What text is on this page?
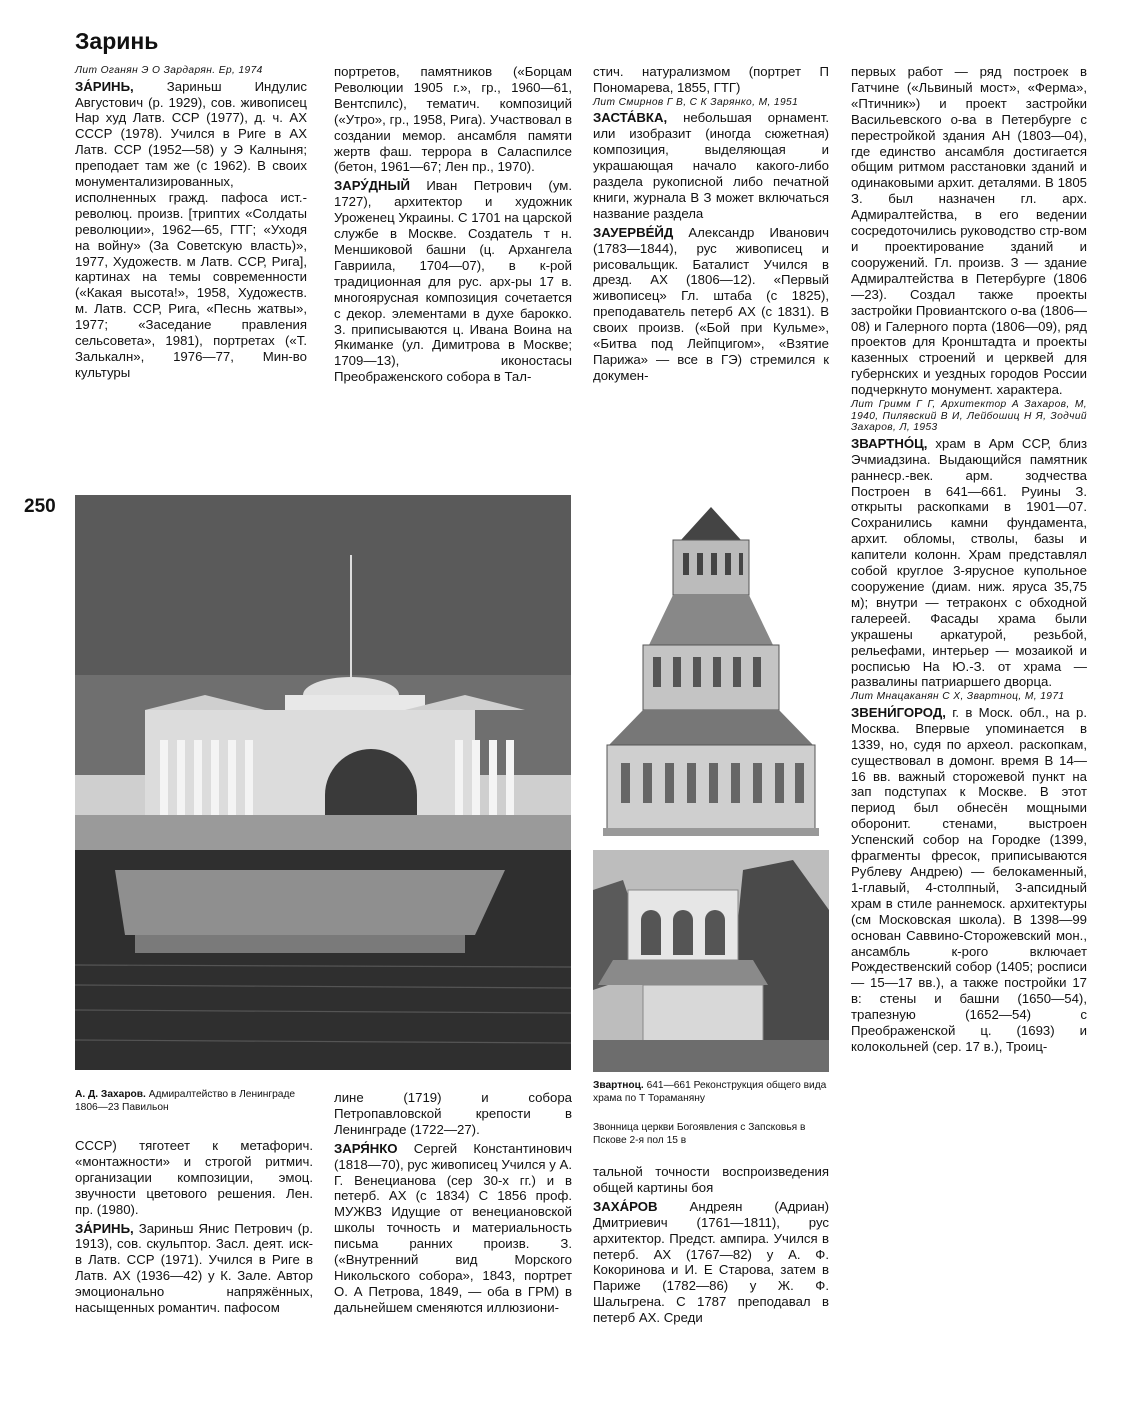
Заринь
250
Лит Оганян Э О Зардарян. Ер, 1974

ЗА́РИНЬ, Зариньш Индулис Августович (р. 1929), сов. живописец Нар худ Латв. ССР (1977), д. ч. АХ СССР (1978). Учился в Риге в АХ Латв. ССР (1952—58) у Э Калныня; преподает там же (с 1962). В своих монументализированных, исполненных гражд. пафоса ист.-революц. произв. [триптих «Солдаты революции», 1962—65, ГТГ; «Уходя на войну» (За Советскую власть)», 1977, Художеств. м Латв. ССР, Рига], картинах на темы современности («Какая высота!», 1958, Художеств. м. Латв. ССР, Рига, «Песнь жатвы», 1977; «Заседание правления сельсовета», 1981), портретах («Т. Залькалн», 1976—77, Мин-во культуры

портретов, памятников («Борцам Революции 1905 г.», гр., 1960—61, Вентспилс), тематич. композиций («Утро», гр., 1958, Рига). Участвовал в создании мемор. ансамбля памяти жертв фаш. террора в Саласпилсе (бетон, 1961—67; Лен пр., 1970).

ЗАРУ́ДНЫЙ Иван Петрович (ум. 1727), архитектор и художник Уроженец Украины. С 1701 на царской службе в Москве. Создатель т н. Меншиковой башни (ц. Архангела Гавриила, 1704—07), в к-рой традиционная для рус. арх-ры 17 в. многоярусная композиция сочетается с декор. элементами в духе барокко. З. приписываются ц. Ивана Воина на Якиманке (ул. Димитрова в Москве; 1709—13), иконостасы Преображенского собора в Тал-

стич. натурализмом (портрет П Пономарева, 1855, ГТГ)

Лит Смирнов Г В, С К Зарянко, М, 1951

ЗАСТА́ВКА, небольшая орнамент. или изобразит (иногда сюжетная) композиция, выделяющая и украшающая начало какого-либо раздела рукописной либо печатной книги, журнала В З может включаться название раздела

ЗАУЕРВЕ́ЙД Александр Иванович (1783—1844), рус живописец и рисовальщик. Баталист Учился в дрезд. АХ (1806—12). «Первый живописец» Гл. штаба (с 1825), преподаватель петерб АХ (с 1831). В своих произв. («Бой при Кульме», «Битва под Лейпцигом», «Взятие Парижа» — все в ГЭ) стремился к докумен-

первых работ — ряд построек в Гатчине («Львиный мост», «Ферма», «Птичник») и проект застройки Васильевского о-ва в Петербурге с перестройкой здания АН (1803—04), где единство ансамбля достигается общим ритмом расстановки зданий и одинаковыми архит. деталями. В 1805 З. был назначен гл. арх. Адмиралтейства, в его ведении сосредоточились руководство стр-вом и проектирование зданий и сооружений. Гл. произв. З — здание Адмиралтейства в Петербурге (1806—23). Создал также проекты застройки Провиантского о-ва (1806—08) и Галерного порта (1806—09), ряд проектов для Кронштадта и проекты казенных строений и церквей для губернских и уездных городов России подчеркнуто монумент. характера.

Лит Гримм Г Г, Архитектор А Захаров, М, 1940, Пилявский В И, Лейбошиц Н Я, Зодчий Захаров, Л, 1953

ЗВАРТНО́Ц, храм в Арм ССР, близ Эчмиадзина. Выдающийся памятник раннеср.-век. арм. зодчества Построен в 641—661. Руины З. открыты раскопками в 1901—07. Сохранились камни фундамента, архит. обломы, стволы, базы и капители колонн. Храм представлял собой круглое 3-ярусное купольное сооружение (диам. ниж. яруса 35,75 м); внутри — тетраконх с обходной галереей. Фасады храма были украшены аркатурой, резьбой, рельефами, интерьер — мозаикой и росписью На Ю.-З. от храма — развалины патриаршего дворца.

Лит Мнацаканян С Х, Звартноц, М, 1971

ЗВЕНИ́ГОРОД, г. в Моск. обл., на р. Москва. Впервые упоминается в 1339, но, судя по археол. раскопкам, существовал в домонг. время В 14—16 вв. важный сторожевой пункт на зап подступах к Москве. В этот период был обнесён мощными оборонит. стенами, выстроен Успенский собор на Городке (1399, фрагменты фресок, приписываются Рублеву Андрею) — белокаменный, 1-главый, 4-столпный, 3-апсидный храм в стиле раннемоск. архитектуры (см Московская школа). В 1398—99 основан Саввино-Сторожевский мон., ансамбль к-рого включает Рождественский собор (1405; росписи — 15—17 вв.), а также постройки 17 в: стены и башни (1650—54), трапезную (1652—54) с Преображенской ц. (1693) и колокольней (сер. 17 в.), Троиц-

А. Д. Захаров. Адмиралтейство в Ленинграде 1806—23 Павильон
Звартноц. 641—661 Реконструкция общего вида храма по Т Тораманяну
Звонница церкви Богоявления с Запсковья в Пскове 2-я пол 15 в

СССР) тяготеет к метафорич. «монтажности» и строгой ритмич. организации композиции, эмоц. звучности цветового решения. Лен. пр. (1980).

ЗА́РИНЬ, Зариньш Янис Петрович (р. 1913), сов. скульптор. Засл. деят. иск-в Латв. ССР (1971). Учился в Риге в Латв. АХ (1936—42) у К. Зале. Автор эмоционально напряжённых, насыщенных романтич. пафосом

лине (1719) и собора Петропавловской крепости в Ленинграде (1722—27).

ЗАРЯ́НКО Сергей Константинович (1818—70), рус живописец Учился у А. Г. Венецианова (сер 30-х гг.) и в петерб. АХ (с 1834) С 1856 проф. МУЖВЗ Идущие от венециановской школы точность и материальность письма ранних произв. З. («Внутренний вид Морского Никольского собора», 1843, портрет О. А Петрова, 1849, — оба в ГРМ) в дальнейшем сменяются иллюзиони-

тальной точности воспроизведения общей картины боя

ЗАХА́РОВ Андреян (Адриан) Дмитриевич (1761—1811), рус архитектор. Предст. ампира. Учился в петерб. АХ (1767—82) у А. Ф. Кокоринова и И. Е Старова, затем в Париже (1782—86) у Ж. Ф. Шальгрена. С 1787 преподавал в петерб АХ. Среди
